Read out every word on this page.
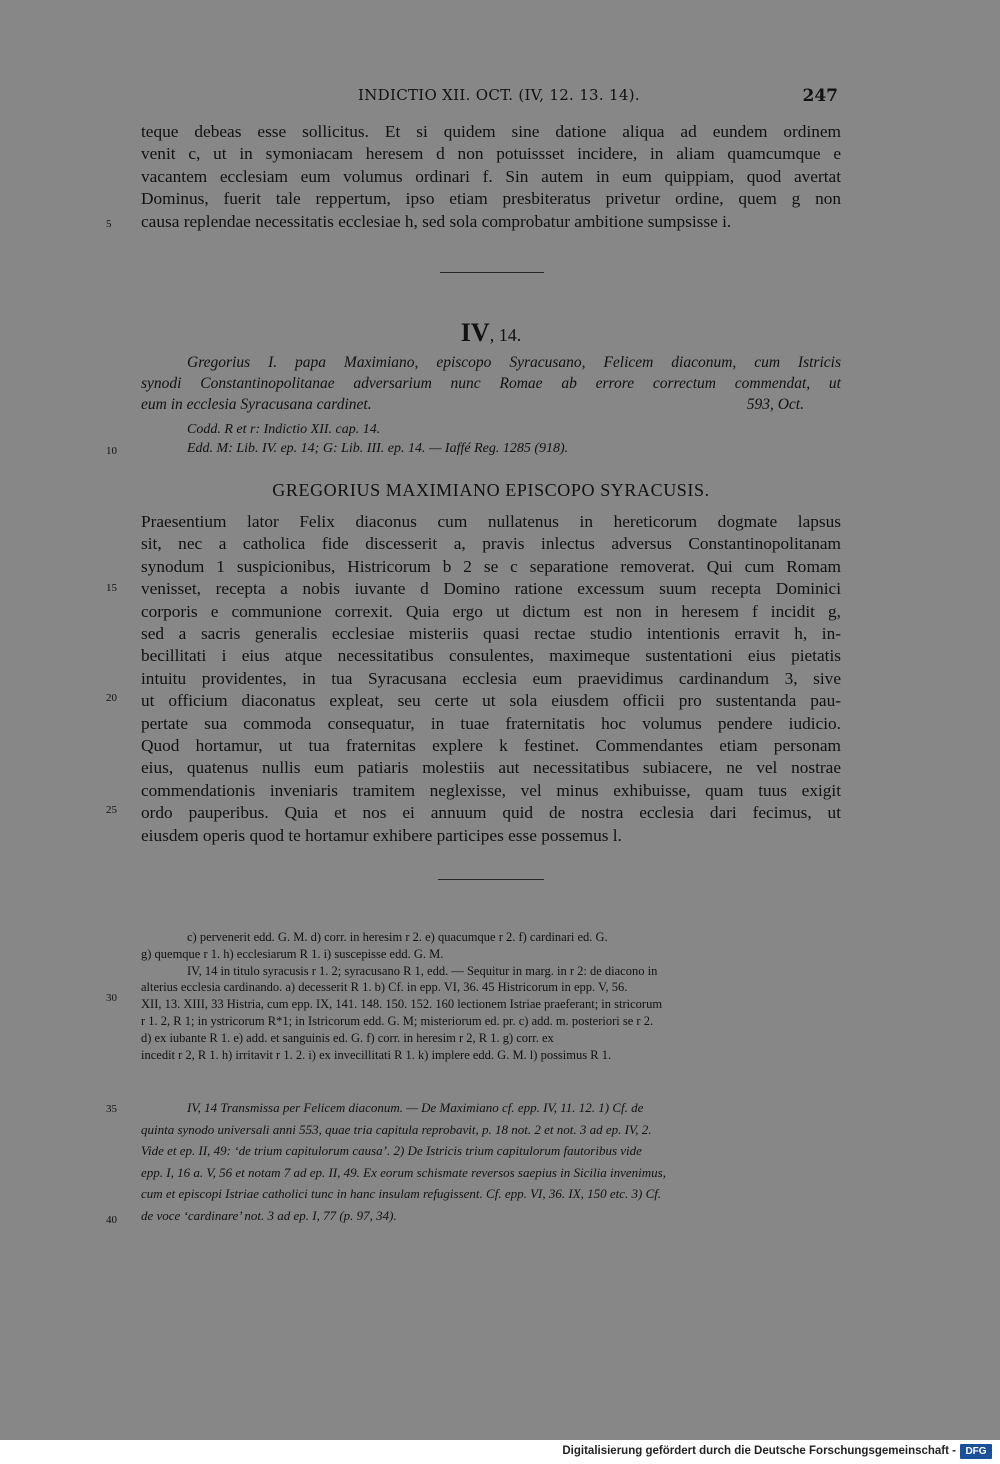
INDICTIO XII. OCT. (IV, 12. 13. 14).	247
teque debeas esse sollicitus. Et si quidem sine datione aliqua ad eundem ordinem
venit c, ut in symoniacam heresem d non potuissset incidere, in aliam quamcumque e
vacantem ecclesiam eum volumus ordinari f. Sin autem in eum quippiam, quod avertat
Dominus, fuerit tale reppertum, ipso etiam presbiteratus privetur ordine, quem g non
causa replendae necessitatis ecclesiae h, sed sola comprobatur ambitione sumpsisse i.
5
IV, 14.
Gregorius I. papa Maximiano, episcopo Syracusano, Felicem diaconum, cum Istricis
synodi Constantinopolitanae adversarium nunc Romae ab errore correctum commendat, ut
eum in ecclesia Syracusana cardinet.	593, Oct.
Codd. R et r: Indictio XII. cap. 14.
Edd. M: Lib. IV. ep. 14; G: Lib. III. ep. 14. — Iaffé Reg. 1285 (918).
10
GREGORIUS MAXIMIANO EPISCOPO SYRACUSIS.
Praesentium lator Felix diaconus cum nullatenus in hereticorum dogmate lapsus
sit, nec a catholica fide discesserit a, pravis inlectus adversus Constantinopolitanam
synodum 1 suspicionibus, Histricorum b 2 se c separatione removerat. Qui cum Romam
venisset, recepta a nobis iuvante d Domino ratione excessum suum recepta Dominici
corporis e communione correxit. Quia ergo ut dictum est non in heresem f incidit g,
sed a sacris generalis ecclesiae misteriis quasi rectae studio intentionis erravit h, in-
becillitati i eius atque necessitatibus consulentes, maximeque sustentationi eius pietatis
intuitu providentes, in tua Syracusana ecclesia eum praevidimus cardinandum 3, sive
ut officium diaconatus expleat, seu certe ut sola eiusdem officii pro sustentanda pau-
pertate sua commoda consequatur, in tuae fraternitatis hoc volumus pendere iudicio.
Quod hortamur, ut tua fraternitas explere k festinet. Commendantes etiam personam
eius, quatenus nullis eum patiaris molestiis aut necessitatibus subiacere, ne vel nostrae
commendationis inveniaris tramitem neglexisse, vel minus exhibuisse, quam tuus exigit
ordo pauperibus. Quia et nos ei annuum quid de nostra ecclesia dari fecimus, ut
eiusdem operis quod te hortamur exhibere participes esse possemus l.
15
20
25
c) pervenerit edd. G. M. d) corr. in heresim r 2. e) quacumque r 2. f) cardinari ed. G.
g) quemque r 1. h) ecclesiarum R 1. i) suscepisse edd. G. M.
IV, 14 in titulo syracusis r 1. 2; syracusano R 1, edd. — Sequitur in marg. in r 2: de diacono in
alterius ecclesia cardinando. a) decesserit R 1. b) Cf. in epp. VI, 36. 45 Histricorum in epp. V, 56.
XII, 13. XIII, 33 Histria, cum epp. IX, 141. 148. 150. 152. 160 lectionem Istriae praeferant; in stricorum
r 1. 2, R 1; in ystricorum R*1; in Istricorum edd. G. M; misteriorum ed. pr. c) add. m. posteriori se r 2.
d) ex iubante R 1. e) add. et sanguinis ed. G. f) corr. in heresim r 2, R 1. g) corr. ex
incedit r 2, R 1. h) irritavit r 1. 2. i) ex invecillitati R 1. k) implere edd. G. M. l) possimus R 1.
30
IV, 14 Transmissa per Felicem diaconum. — De Maximiano cf. epp. IV, 11. 12. 1) Cf. de
quinta synodo universali anni 553, quae tria capitula reprobavit, p. 18 not. 2 et not. 3 ad ep. IV, 2.
Vide et ep. II, 49: ‘de trium capitulorum causa’. 2) De Istricis trium capitulorum fautoribus vide
epp. I, 16 a. V, 56 et notam 7 ad ep. II, 49. Ex eorum schismate reversos saepius in Sicilia invenimus,
cum et episcopi Istriae catholici tunc in hanc insulam refugissent. Cf. epp. VI, 36. IX, 150 etc. 3) Cf.
de voce ‘cardinare’ not. 3 ad ep. I, 77 (p. 97, 34).
35
40
Digitalisierung gefördert durch die Deutsche Forschungsgemeinschaft - DFG
